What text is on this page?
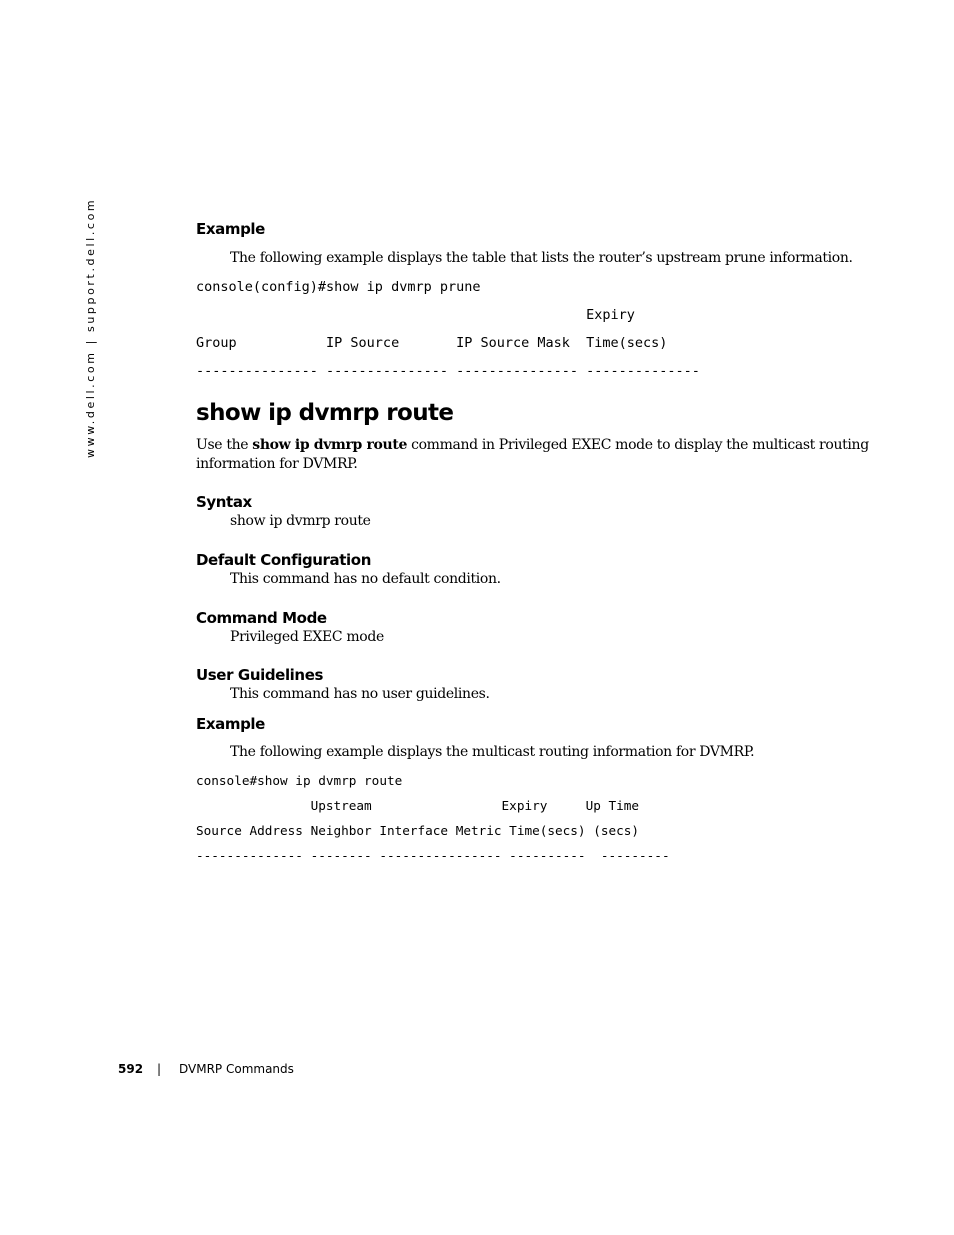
www.dell.com | support.dell.com	Example
The following example displays the table that lists the router’s upstream prune information.
console(config)#show ip dvmrp prune
Expiry
Group           IP Source       IP Source Mask  Time(secs)
--------------- --------------- --------------- --------------
show ip dvmrp route
Use the show ip dvmrp route command in Privileged EXEC mode to display the multicast routing
information for DVMRP.
Syntax
show ip dvmrp route
Default Configuration
This command has no default condition.
Command Mode
Privileged EXEC mode
User Guidelines
This command has no user guidelines.
Example
The following example displays the multicast routing information for DVMRP.
console#show ip dvmrp route
Upstream                 Expiry     Up Time
Source Address Neighbor Interface Metric Time(secs) (secs)
-------------- -------- ---------------- ----------  ---------
592 | DVMRP Commands
